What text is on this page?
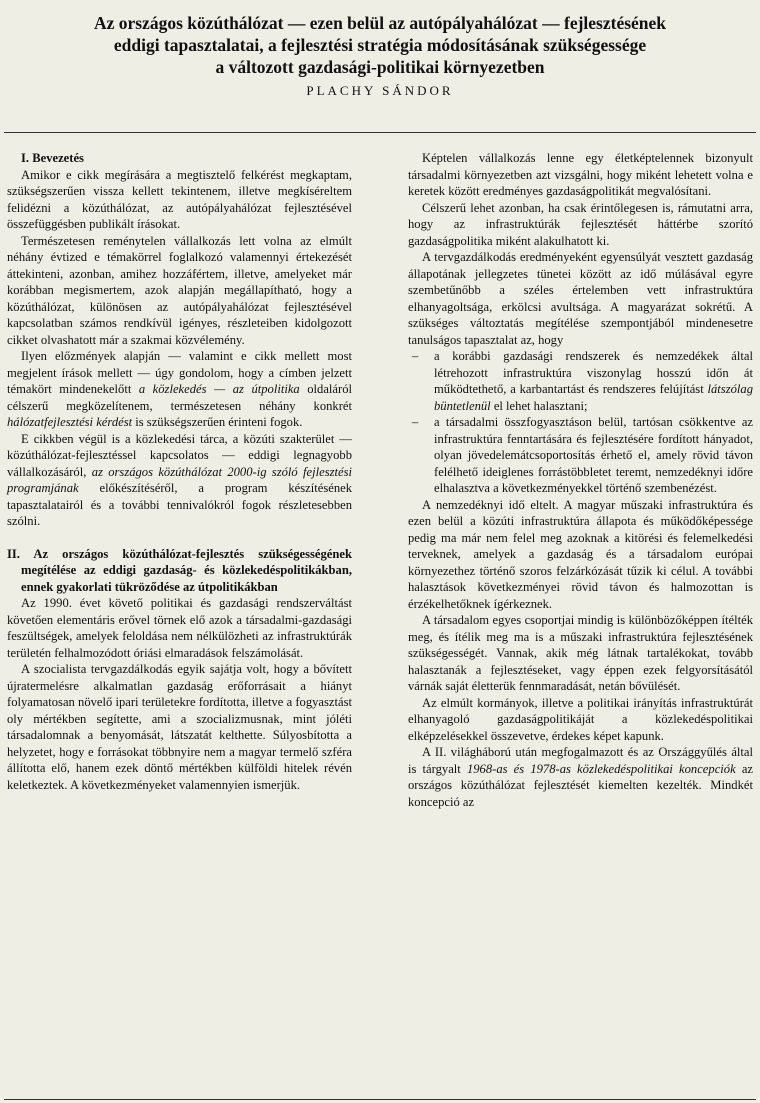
Az országos közúthálózat — ezen belül az autópályahálózat — fejlesztésének
eddigi tapasztalatai, a fejlesztési stratégia módosításának szükségessége
a változott gazdasági-politikai környezetben

PLACHY SÁNDOR

I. Bevezetés

Amikor e cikk megírására a megtisztelő felkérést megkaptam, szükségszerűen vissza kellett tekintenem, illetve megkíséreltem felidézni a közúthálózat, az autópályahálózat fejlesztésével összefüggésben publikált írásokat.

Természetesen reménytelen vállalkozás lett volna az elmúlt néhány évtized e témakörrel foglalkozó valamennyi értekezését áttekinteni, azonban, amihez hozzáfértem, illetve, amelyeket már korábban megismertem, azok alapján megállapítható, hogy a közúthálózat, különösen az autópályahálózat fejlesztésével kapcsolatban számos rendkívül igényes, részleteiben kidolgozott cikket olvashatott már a szakmai közvélemény.

Ilyen előzmények alapján — valamint e cikk mellett most megjelent írások mellett — úgy gondolom, hogy a címben jelzett témakört mindenekelőtt a közlekedés — az útpolitika oldaláról célszerű megközelítenem, természetesen néhány konkrét hálózatfejlesztési kérdést is szükségszerűen érinteni fogok.

E cikkben végül is a közlekedési tárca, a közúti szakterület — közúthálózat-fejlesztéssel kapcsolatos — eddigi legnagyobb vállalkozásáról, az országos közúthálózat 2000-ig szóló fejlesztési programjának előkészítéséről, a program készítésének tapasztalatairól és a további tennivalókról fogok részletesebben szólni.

II. Az országos közúthálózat-fejlesztés szükségességének megítélése az eddigi gazdaság- és közlekedéspolitikákban, ennek gyakorlati tükröződése az útpolitikákban

Az 1990. évet követő politikai és gazdasági rendszerváltást követően elementáris erővel törnek elő azok a társadalmi-gazdasági feszültségek, amelyek feloldása nem nélkülözheti az infrastruktúrák területén felhalmozódott óriási elmaradások felszámolását.

A szocialista tervgazdálkodás egyik sajátja volt, hogy a bővített újratermelésre alkalmatlan gazdaság erőforrásait a hiányt folyamatosan növelő ipari területekre fordította, illetve a fogyasztást oly mértékben segítette, ami a szocializmusnak, mint jóléti társadalomnak a benyomását, látszatát kelthette. Súlyosbította a helyzetet, hogy e forrásokat többnyire nem a magyar termelő szféra állította elő, hanem ezek döntő mértékben külföldi hitelek révén keletkeztek. A következményeket valamennyien ismerjük.

Képtelen vállalkozás lenne egy életképtelennek bizonyult társadalmi környezetben azt vizsgálni, hogy miként lehetett volna e keretek között eredményes gazdaságpolitikát megvalósítani.

Célszerű lehet azonban, ha csak érintőlegesen is, rámutatni arra, hogy az infrastruktúrák fejlesztését háttérbe szorító gazdaságpolitika miként alakulhatott ki.

A tervgazdálkodás eredményeként egyensúlyát vesztett gazdaság állapotának jellegzetes tünetei között az idő múlásával egyre szembetűnőbb a széles értelemben vett infrastruktúra elhanyagoltsága, erkölcsi avultsága. A magyarázat sokrétű. A szükséges változtatás megítélése szempontjából mindenesetre tanulságos tapasztalat az, hogy

– a korábbi gazdasági rendszerek és nemzedékek által létrehozott infrastruktúra viszonylag hosszú időn át működtethető, a karbantartást és rendszeres felújítást látszólag büntetlenül el lehet halasztani;
– a társadalmi összfogyasztáson belül, tartósan csökkentve az infrastruktúra fenntartására és fejlesztésére fordított hányadot, olyan jövedelemátcsoportosítás érhető el, amely rövid távon felélhető ideiglenes forrástöbbletet teremt, nemzedéknyi időre elhalasztva a következményekkel történő szembenézést.

A nemzedéknyi idő eltelt. A magyar műszaki infrastruktúra és ezen belül a közúti infrastruktúra állapota és működőképessége pedig ma már nem felel meg azoknak a kitörési és felemelkedési terveknek, amelyek a gazdaság és a társadalom európai környezethez történő szoros felzárkózását tűzik ki célul. A további halasztások következményei rövid távon és halmozottan is érzékelhetőknek ígérkeznek.

A társadalom egyes csoportjai mindig is különbözőképpen ítélték meg, és ítélik meg ma is a műszaki infrastruktúra fejlesztésének szükségességét. Vannak, akik még látnak tartalékokat, tovább halasztanák a fejlesztéseket, vagy éppen ezek felgyorsításától várnák saját életterük fennmaradását, netán bővülését.

Az elmúlt kormányok, illetve a politikai irányítás infrastruktúrát elhanyagoló gazdaságpolitikáját a közlekedéspolitikai elképzelésekkel összevetve, érdekes képet kapunk.

A II. világháború után megfogalmazott és az Országgyűlés által is tárgyalt 1968-as és 1978-as közlekedéspolitikai koncepciók az országos közúthálózat fejlesztését kiemelten kezelték. Mindkét koncepció az
